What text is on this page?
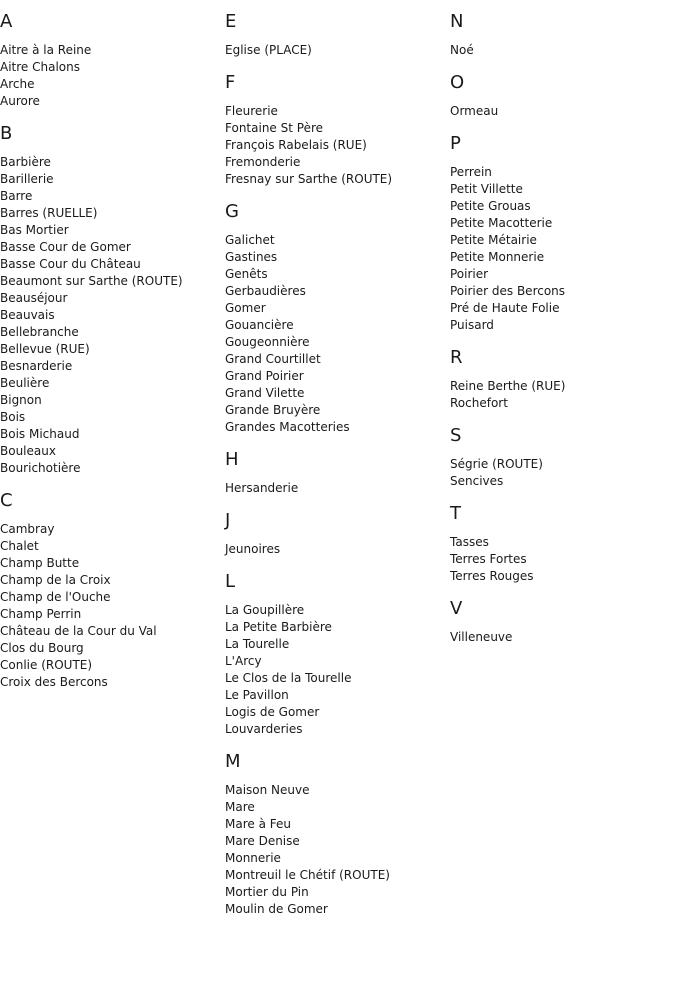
A
Aitre à la Reine
Aitre Chalons
Arche
Aurore
B
Barbière
Barillerie
Barre
Barres (RUELLE)
Bas Mortier
Basse Cour de Gomer
Basse Cour du Château
Beaumont sur Sarthe (ROUTE)
Beauséjour
Beauvais
Bellebranche
Bellevue (RUE)
Besnarderie
Beulière
Bignon
Bois
Bois Michaud
Bouleaux
Bourichotière
C
Cambray
Chalet
Champ Butte
Champ de la Croix
Champ de l'Ouche
Champ Perrin
Château de la Cour du Val
Clos du Bourg
Conlie (ROUTE)
Croix des Bercons
E
Eglise (PLACE)
F
Fleurerie
Fontaine St Père
François Rabelais (RUE)
Fremonderie
Fresnay sur Sarthe (ROUTE)
G
Galichet
Gastines
Genêts
Gerbaudières
Gomer
Gouancière
Gougeonnière
Grand Courtillet
Grand Poirier
Grand Vilette
Grande Bruyère
Grandes Macotteries
H
Hersanderie
J
Jeunoires
L
La Goupillère
La Petite Barbière
La Tourelle
L'Arcy
Le Clos de la Tourelle
Le Pavillon
Logis de Gomer
Louvarderies
M
Maison Neuve
Mare
Mare à Feu
Mare Denise
Monnerie
Montreuil le Chétif (ROUTE)
Mortier du Pin
Moulin de Gomer
N
Noé
O
Ormeau
P
Perrein
Petit Villette
Petite Grouas
Petite Macotterie
Petite Métairie
Petite Monnerie
Poirier
Poirier des Bercons
Pré de Haute Folie
Puisard
R
Reine Berthe (RUE)
Rochefort
S
Ségrie (ROUTE)
Sencives
T
Tasses
Terres Fortes
Terres Rouges
V
Villeneuve
